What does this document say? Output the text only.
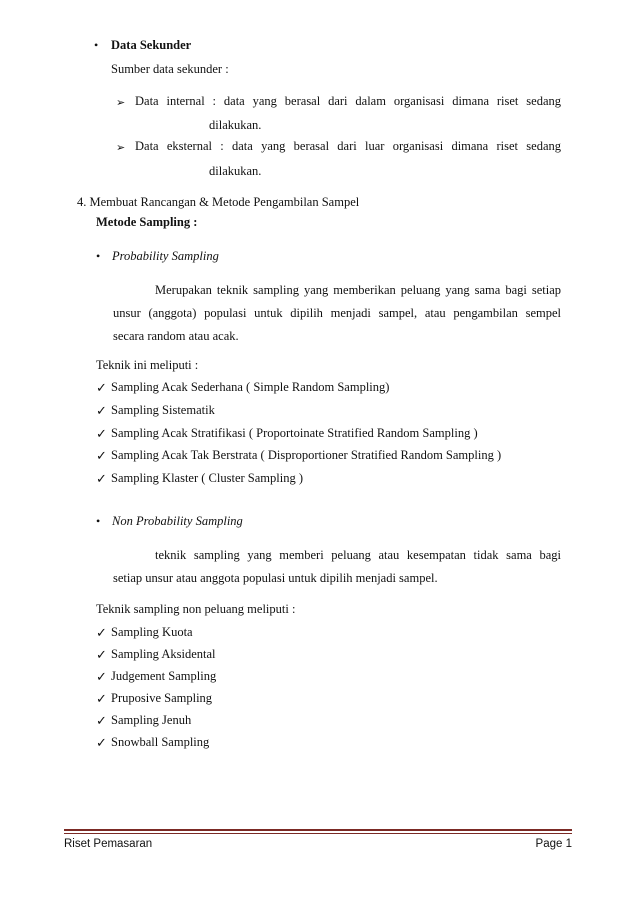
• Data Sekunder
Sumber data sekunder :
➢ Data internal : data yang berasal dari dalam organisasi dimana riset sedang
dilakukan.
➢ Data eksternal : data yang berasal dari luar organisasi dimana riset sedang
dilakukan.
4. Membuat Rancangan & Metode Pengambilan Sampel
Metode Sampling :
• Probability Sampling
Merupakan teknik sampling yang memberikan peluang yang sama bagi setiap
unsur (anggota) populasi untuk dipilih menjadi sampel, atau pengambilan sempel
secara random atau acak.
Teknik ini meliputi :
✓ Sampling Acak Sederhana ( Simple Random Sampling)
✓ Sampling Sistematik
✓ Sampling Acak Stratifikasi ( Proportoinate Stratified Random Sampling )
✓ Sampling Acak Tak Berstrata ( Disproportioner Stratified Random Sampling )
✓ Sampling Klaster ( Cluster Sampling )
• Non Probability Sampling
teknik sampling yang memberi peluang atau kesempatan tidak sama bagi
setiap unsur atau anggota populasi untuk dipilih menjadi sampel.
Teknik sampling non peluang meliputi :
✓ Sampling Kuota
✓ Sampling Aksidental
✓ Judgement Sampling
✓ Pruposive Sampling
✓ Sampling Jenuh
✓ Snowball Sampling
Riset Pemasaran	Page 1
